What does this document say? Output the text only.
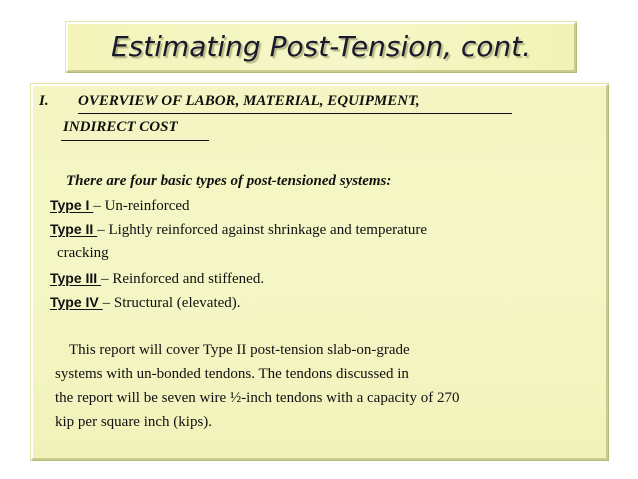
Estimating Post-Tension, cont.
I. OVERVIEW OF LABOR, MATERIAL, EQUIPMENT,
INDIRECT COST
There are four basic types of post-tensioned systems:
Type I – Un-reinforced
Type II – Lightly reinforced against shrinkage and temperature
cracking
Type III – Reinforced and stiffened.
Type IV – Structural (elevated).
This report will cover Type II post-tension slab-on-grade
systems with un-bonded tendons. The tendons discussed in
the report will be seven wire ½-inch tendons with a capacity of 270
kip per square inch (kips).
